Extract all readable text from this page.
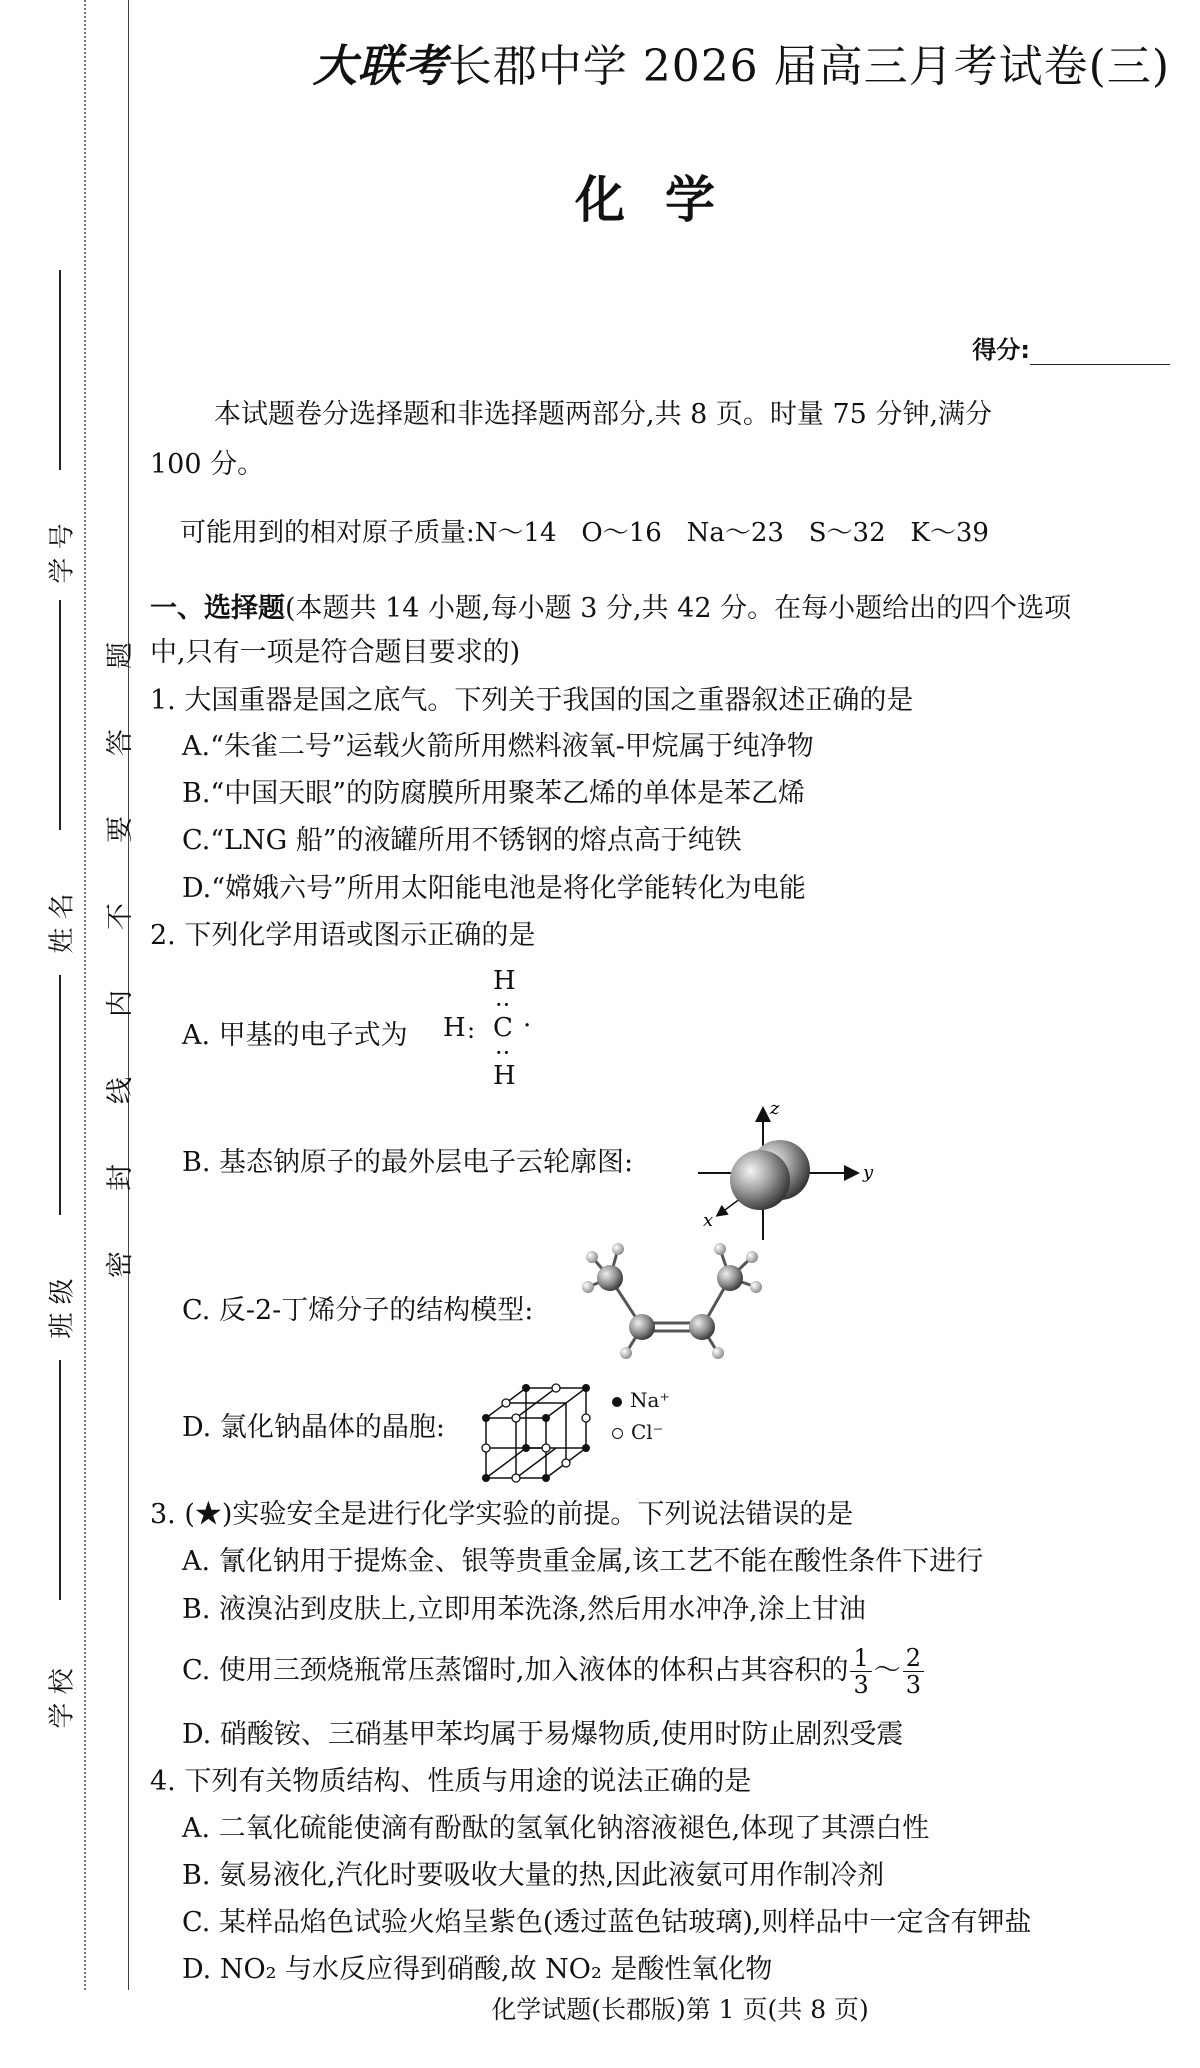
学 号
姓 名
班 级
学 校
密
封
线
内
不
要
答
题
大联考长郡中学 2026 届高三月考试卷(三)
化学
得分:
本试题卷分选择题和非选择题两部分,共 8 页。时量 75 分钟,满分
100 分。
可能用到的相对原子质量:N～14   O～16   Na～23   S～32   K～39
一、选择题(本题共 14 小题,每小题 3 分,共 42 分。在每小题给出的四个选项
中,只有一项是符合题目要求的)
1. 大国重器是国之底气。下列关于我国的国之重器叙述正确的是
A.“朱雀二号”运载火箭所用燃料液氧-甲烷属于纯净物
B.“中国天眼”的防腐膜所用聚苯乙烯的单体是苯乙烯
C.“LNG 船”的液罐所用不锈钢的熔点高于纯铁
D.“嫦娥六号”所用太阳能电池是将化学能转化为电能
2. 下列化学用语或图示正确的是
A. 甲基的电子式为 H :
H
··
C ·
··
H
B. 基态钠原子的最外层电子云轮廓图:
z
y
x
C. 反-2-丁烯分子的结构模型:
D. 氯化钠晶体的晶胞:
Na⁺
Cl⁻
3. (★)实验安全是进行化学实验的前提。下列说法错误的是
A. 氰化钠用于提炼金、银等贵重金属,该工艺不能在酸性条件下进行
B. 液溴沾到皮肤上,立即用苯洗涤,然后用水冲净,涂上甘油
C. 使用三颈烧瓶常压蒸馏时,加入液体的体积占其容积的 $\frac{1}{3}$ ～ $\frac{2}{3}$
D. 硝酸铵、三硝基甲苯均属于易爆物质,使用时防止剧烈受震
4. 下列有关物质结构、性质与用途的说法正确的是
A. 二氧化硫能使滴有酚酞的氢氧化钠溶液褪色,体现了其漂白性
B. 氨易液化,汽化时要吸收大量的热,因此液氨可用作制冷剂
C. 某样品焰色试验火焰呈紫色(透过蓝色钴玻璃),则样品中一定含有钾盐
D. NO₂ 与水反应得到硝酸,故 NO₂ 是酸性氧化物
化学试题(长郡版)第 1 页(共 8 页)
